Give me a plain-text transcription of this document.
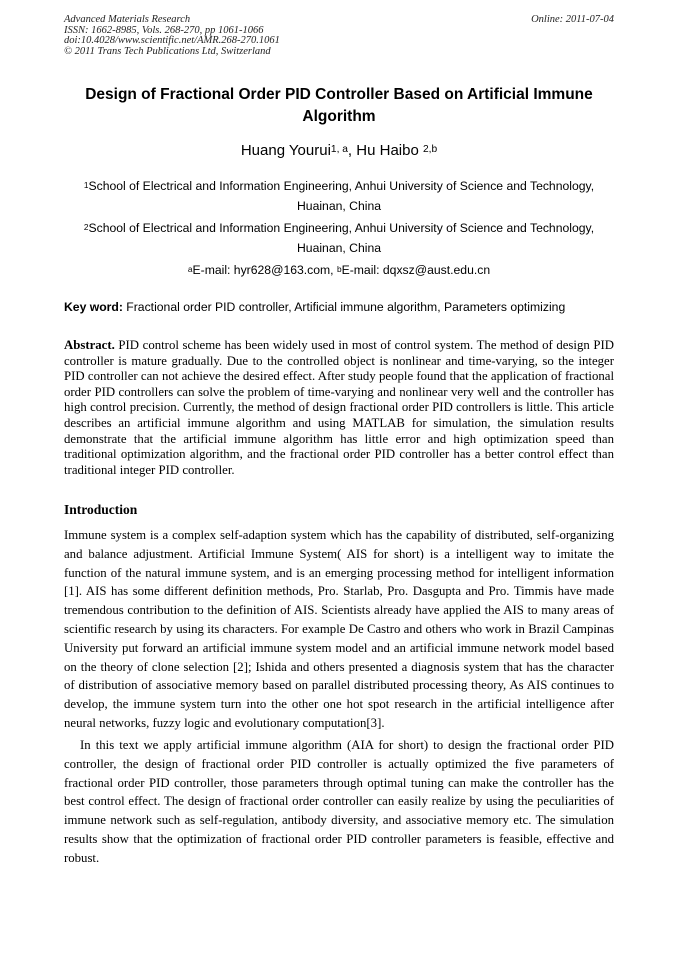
Advanced Materials Research
ISSN: 1662-8985, Vols. 268-270, pp 1061-1066
doi:10.4028/www.scientific.net/AMR.268-270.1061
© 2011 Trans Tech Publications Ltd, Switzerland
Online: 2011-07-04
Design of Fractional Order PID Controller Based on Artificial Immune Algorithm
Huang Yourui$^{1, a}$, Hu Haibo $^{2,b}$
$^1$School of Electrical and Information Engineering, Anhui University of Science and Technology, Huainan, China
$^2$School of Electrical and Information Engineering, Anhui University of Science and Technology, Huainan, China
$^a$E-mail: hyr628@163.com, $^b$E-mail: dqxsz@aust.edu.cn
Key word: Fractional order PID controller, Artificial immune algorithm, Parameters optimizing
Abstract. PID control scheme has been widely used in most of control system. The method of design PID controller is mature gradually. Due to the controlled object is nonlinear and time-varying, so the integer PID controller can not achieve the desired effect. After study people found that the application of fractional order PID controllers can solve the problem of time-varying and nonlinear very well and the controller has high control precision. Currently, the method of design fractional order PID controllers is little. This article describes an artificial immune algorithm and using MATLAB for simulation, the simulation results demonstrate that the artificial immune algorithm has little error and high optimization speed than traditional optimization algorithm, and the fractional order PID controller has a better control effect than traditional integer PID controller.
Introduction

Immune system is a complex self-adaption system which has the capability of distributed, self-organizing and balance adjustment. Artificial Immune System( AIS for short) is a intelligent way to imitate the function of the natural immune system, and is an emerging processing method for intelligent information [1]. AIS has some different definition methods, Pro. Starlab, Pro. Dasgupta and Pro. Timmis have made tremendous contribution to the definition of AIS. Scientists already have applied the AIS to many areas of scientific research by using its characters. For example De Castro and others who work in Brazil Campinas University put forward an artificial immune system model and an artificial immune network model based on the theory of clone selection [2]; Ishida and others presented a diagnosis system that has the character of distribution of associative memory based on parallel distributed processing theory, As AIS continues to develop, the immune system turn into the other one hot spot research in the artificial intelligence after neural networks, fuzzy logic and evolutionary computation[3].

In this text we apply artificial immune algorithm (AIA for short) to design the fractional order PID controller, the design of fractional order PID controller is actually optimized the five parameters of fractional order PID controller, those parameters through optimal tuning can make the controller has the best control effect. The design of fractional order controller can easily realize by using the peculiarities of immune network such as self-regulation, antibody diversity, and associative memory etc. The simulation results show that the optimization of fractional order PID controller parameters is feasible, effective and robust.
